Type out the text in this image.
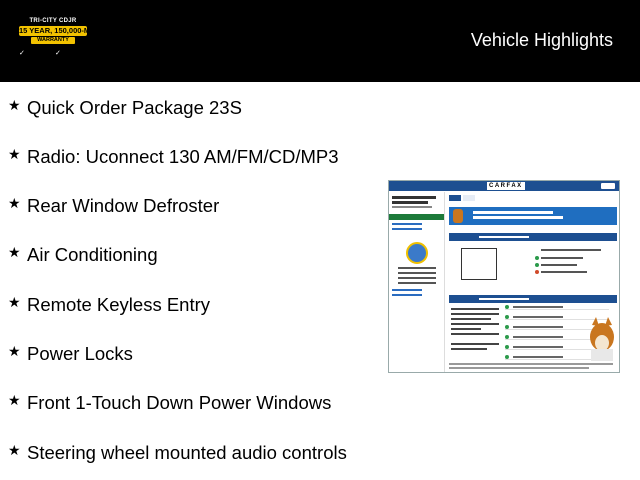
TRI-CITY CDJR
15 YEAR, 150,000-MILE
WARRANTY
✓	✓
Vehicle Highlights
★ Quick Order Package 23S
★ Radio: Uconnect 130 AM/FM/CD/MP3
★ Rear Window Defroster
★ Air Conditioning
★ Remote Keyless Entry
★ Power Locks
★ Front 1-Touch Down Power Windows
★ Steering wheel mounted audio controls
CARFAX
